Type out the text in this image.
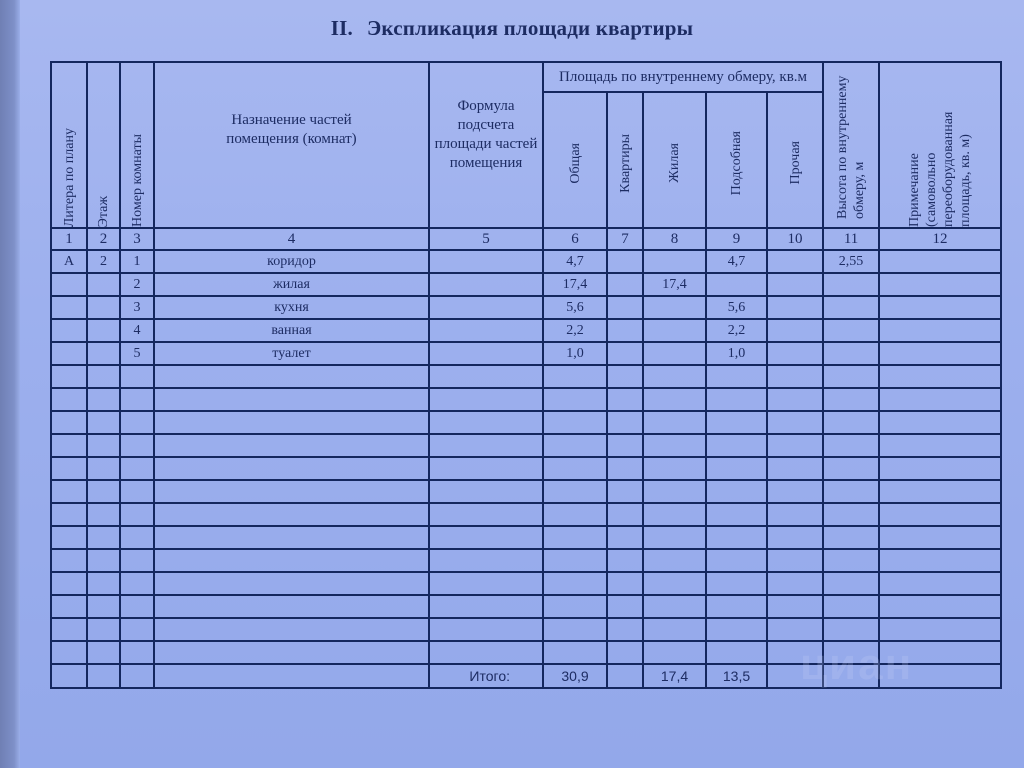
II. Экспликация площади квартиры
Литера по плану	Этаж	Номер комнаты	Назначение частей помещения (комнат)	Формула подсчета площади частей помещения	Площадь по внутреннему обмеру, кв.м					Высота по внутреннему обмеру, м	Примечание (самовольно переоборудованная площадь, кв. м)

					Общая	Квартиры	Жилая	Подсобная	Прочая		

1	2	3	4	5	6	7	8	9	10	11	12
А	2	1	коридор		4,7			4,7		2,55	
		2	жилая		17,4		17,4				
		3	кухня		5,6			5,6			
		4	ванная		2,2			2,2			
		5	туалет		1,0			1,0			

				Итого:	30,9		17,4	13,5			циан
